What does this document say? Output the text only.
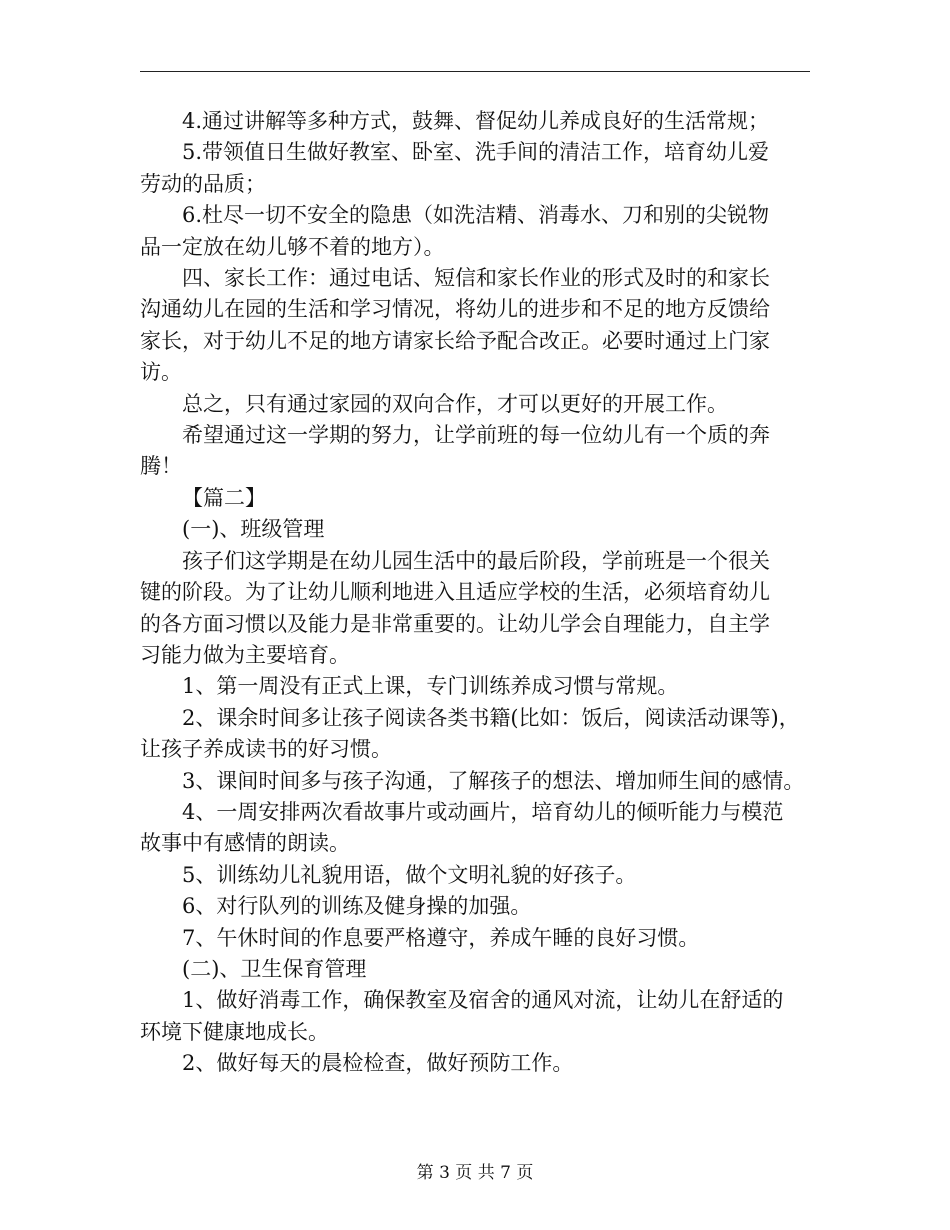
4.通过讲解等多种方式，鼓舞、督促幼儿养成良好的生活常规；
5.带领值日生做好教室、卧室、洗手间的清洁工作，培育幼儿爱
劳动的品质；
6.杜尽一切不安全的隐患（如洗洁精、消毒水、刀和别的尖锐物
品一定放在幼儿够不着的地方）。
四、家长工作：通过电话、短信和家长作业的形式及时的和家长
沟通幼儿在园的生活和学习情况，将幼儿的进步和不足的地方反馈给
家长，对于幼儿不足的地方请家长给予配合改正。必要时通过上门家
访。
总之，只有通过家园的双向合作，才可以更好的开展工作。
希望通过这一学期的努力，让学前班的每一位幼儿有一个质的奔
腾！
【篇二】
(一)、班级管理
孩子们这学期是在幼儿园生活中的最后阶段，学前班是一个很关
键的阶段。为了让幼儿顺利地进入且适应学校的生活，必须培育幼儿
的各方面习惯以及能力是非常重要的。让幼儿学会自理能力，自主学
习能力做为主要培育。
1、第一周没有正式上课，专门训练养成习惯与常规。
2、课余时间多让孩子阅读各类书籍(比如：饭后，阅读活动课等)，
让孩子养成读书的好习惯。
3、课间时间多与孩子沟通，了解孩子的想法、增加师生间的感情。
4、一周安排两次看故事片或动画片，培育幼儿的倾听能力与模范
故事中有感情的朗读。
5、训练幼儿礼貌用语，做个文明礼貌的好孩子。
6、对行队列的训练及健身操的加强。
7、午休时间的作息要严格遵守，养成午睡的良好习惯。
(二)、卫生保育管理
1、做好消毒工作，确保教室及宿舍的通风对流，让幼儿在舒适的
环境下健康地成长。
2、做好每天的晨检检查，做好预防工作。
第 3 页 共 7 页
